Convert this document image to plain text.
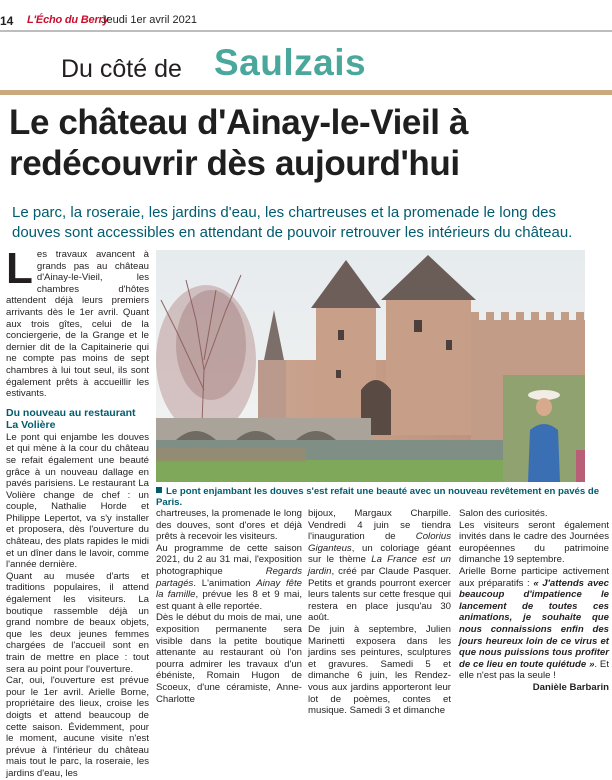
14 L'Écho du Berry
Jeudi 1er avril 2021
Du côté de Saulzais
Le château d'Ainay-le-Vieil à redécouvrir dès aujourd'hui

Le parc, la roseraie, les jardins d'eau, les chartreuses et la promenade le long des douves sont accessibles en attendant de pouvoir retrouver les intérieurs du château.

Les travaux avancent à grands pas au château d'Ainay-le-Vieil, les chambres d'hôtes attendent déjà leurs premiers arrivants dès le 1er avril. Quant aux trois gîtes, celui de la conciergerie, de la Grange et le dernier dit de la Capitainerie qui ne compte pas moins de sept chambres à lui tout seul, ils sont également prêts à accueillir les estivants.

Du nouveau au restaurant La Volière

Le pont qui enjambe les douves et qui mène à la cour du château se refait également une beauté grâce à un nouveau dallage en pavés parisiens. Le restaurant La Volière change de chef : un couple, Nathalie Horde et Philippe Lepertot, va s'y installer et proposera, dès l'ouverture du château, des plats rapides le midi et un dîner dans le lavoir, comme l'année dernière.

Quant au musée d'arts et traditions populaires, il attend également les visiteurs. La boutique rassemble déjà un grand nombre de beaux objets, que les deux jeunes femmes chargées de l'accueil sont en train de mettre en place : tout sera au point pour l'ouverture.

Car, oui, l'ouverture est prévue pour le 1er avril. Arielle Borne, propriétaire des lieux, croise les doigts et attend beaucoup de cette saison. Évidemment, pour le moment, aucune visite n'est prévue à l'intérieur du château mais tout le parc, la roseraie, les jardins d'eau, les

Le pont enjambant les douves s'est refait une beauté avec un nouveau revêtement en pavés de Paris.

chartreuses, la promenade le long des douves, sont d'ores et déjà prêts à recevoir les visiteurs.

Au programme de cette saison 2021, du 2 au 31 mai, l'exposition photographique Regards partagés. L'animation Ainay fête la famille, prévue les 8 et 9 mai, est quant à elle reportée.

Dès le début du mois de mai, une exposition permanente sera visible dans la petite boutique attenante au restaurant où l'on pourra admirer les travaux d'un ébéniste, Romain Hugon de Scoeux, d'une céramiste, Anne-Charlotte

bijoux, Margaux Charpille. Vendredi 4 juin se tiendra l'inauguration de Colorius Giganteus, un coloriage géant sur le thème La France est un jardin, créé par Claude Pasquer. Petits et grands pourront exercer leurs talents sur cette fresque qui restera en place jusqu'au 30 août.

De juin à septembre, Julien Marinetti exposera dans les jardins ses peintures, sculptures et gravures. Samedi 5 et dimanche 6 juin, les Rendez-vous aux jardins apporteront leur lot de poèmes, contes et musique. Samedi 3 et dimanche

Salon des curiosités.

Les visiteurs seront également invités dans le cadre des Journées européennes du patrimoine dimanche 19 septembre.

Arielle Borne participe activement aux préparatifs : « J'attends avec beaucoup d'impatience le lancement de toutes ces animations, je souhaite que nous connaissions enfin des jours heureux loin de ce virus et que nous puissions tous profiter de ce lieu en toute quiétude ». Et elle n'est pas la seule !

Danièle Barbarin
